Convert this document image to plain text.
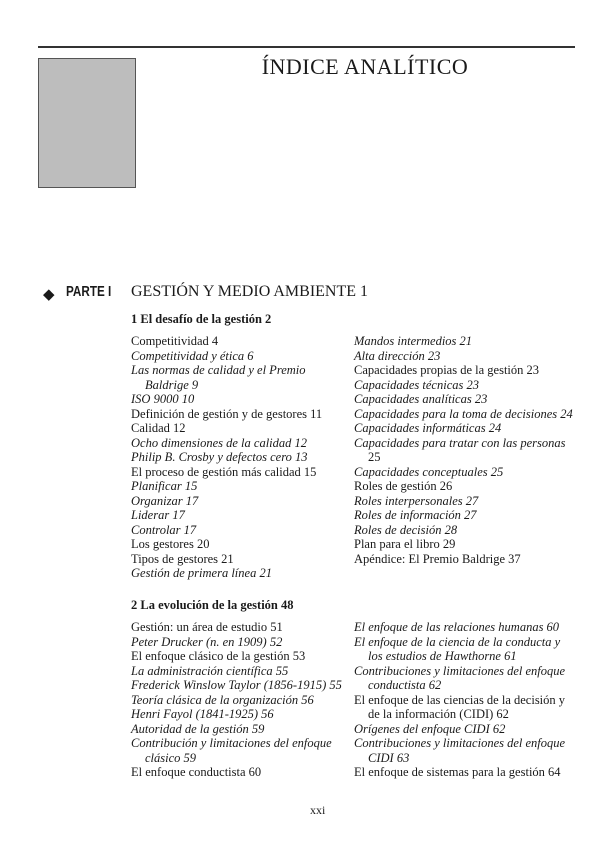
ÍNDICE ANALÍTICO
◆ PARTE I GESTIÓN Y MEDIO AMBIENTE 1
1 El desafío de la gestión 2
Competitividad 4
Competitividad y ética 6
Las normas de calidad y el Premio
Baldrige 9
ISO 9000 10
Definición de gestión y de gestores 11
Calidad 12
Ocho dimensiones de la calidad 12
Philip B. Crosby y defectos cero 13
El proceso de gestión más calidad 15
Planificar 15
Organizar 17
Liderar 17
Controlar 17
Los gestores 20
Tipos de gestores 21
Gestión de primera línea 21
Mandos intermedios 21
Alta dirección 23
Capacidades propias de la gestión 23
Capacidades técnicas 23
Capacidades analíticas 23
Capacidades para la toma de decisiones 24
Capacidades informáticas 24
Capacidades para tratar con las personas
25
Capacidades conceptuales 25
Roles de gestión 26
Roles interpersonales 27
Roles de información 27
Roles de decisión 28
Plan para el libro 29
Apéndice: El Premio Baldrige 37
2 La evolución de la gestión 48
Gestión: un área de estudio 51
Peter Drucker (n. en 1909) 52
El enfoque clásico de la gestión 53
La administración científica 55
Frederick Winslow Taylor (1856-1915) 55
Teoría clásica de la organización 56
Henri Fayol (1841-1925) 56
Autoridad de la gestión 59
Contribución y limitaciones del enfoque
clásico 59
El enfoque conductista 60
El enfoque de las relaciones humanas 60
El enfoque de la ciencia de la conducta y
los estudios de Hawthorne 61
Contribuciones y limitaciones del enfoque
conductista 62
El enfoque de las ciencias de la decisión y
de la información (CIDI) 62
Orígenes del enfoque CIDI 62
Contribuciones y limitaciones del enfoque
CIDI 63
El enfoque de sistemas para la gestión 64
xxi
